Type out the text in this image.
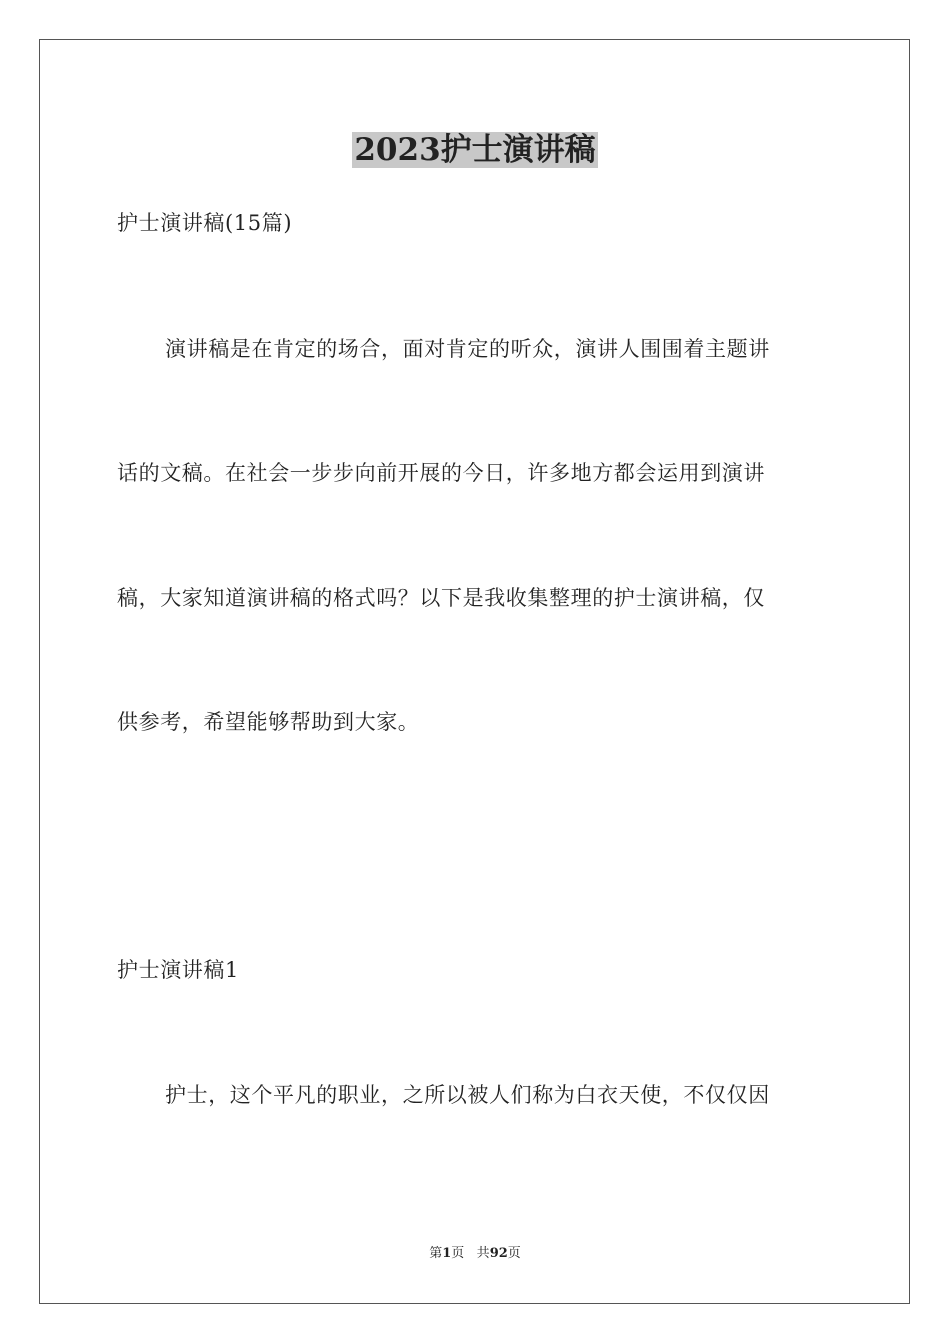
2023护士演讲稿
护士演讲稿(15篇)
演讲稿是在肯定的场合，面对肯定的听众，演讲人围围着主题讲
话的文稿。在社会一步步向前开展的今日，许多地方都会运用到演讲
稿，大家知道演讲稿的格式吗？以下是我收集整理的护士演讲稿，仅
供参考，希望能够帮助到大家。
护士演讲稿1
护士，这个平凡的职业，之所以被人们称为白衣天使，不仅仅因
第1页 共92页
